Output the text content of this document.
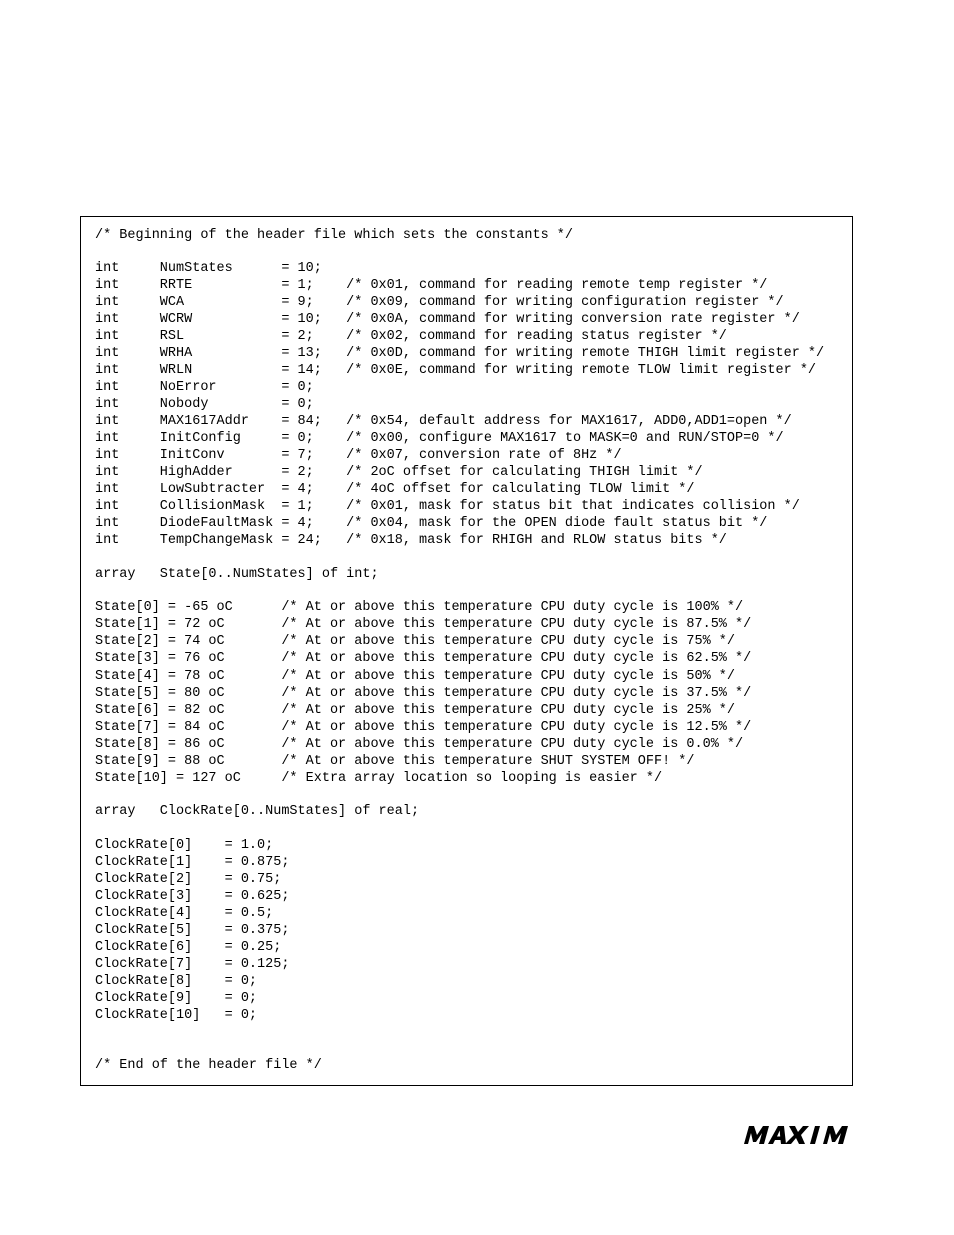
/* Beginning of the header file which sets the constants */
int     NumStates      = 10;
int     RRTE           = 1;    /* 0x01, command for reading remote temp register */
int     WCA            = 9;    /* 0x09, command for writing configuration register */
int     WCRW           = 10;   /* 0x0A, command for writing conversion rate register */
int     RSL            = 2;    /* 0x02, command for reading status register */
int     WRHA           = 13;   /* 0x0D, command for writing remote THIGH limit register */
int     WRLN           = 14;   /* 0x0E, command for writing remote TLOW limit register */
int     NoError        = 0;
int     Nobody         = 0;
int     MAX1617Addr    = 84;   /* 0x54, default address for MAX1617, ADD0,ADD1=open */
int     InitConfig     = 0;    /* 0x00, configure MAX1617 to MASK=0 and RUN/STOP=0 */
int     InitConv       = 7;    /* 0x07, conversion rate of 8Hz */
int     HighAdder      = 2;    /* 2oC offset for calculating THIGH limit */
int     LowSubtracter  = 4;    /* 4oC offset for calculating TLOW limit */
int     CollisionMask  = 1;    /* 0x01, mask for status bit that indicates collision */
int     DiodeFaultMask = 4;    /* 0x04, mask for the OPEN diode fault status bit */
int     TempChangeMask = 24;   /* 0x18, mask for RHIGH and RLOW status bits */
array   State[0..NumStates] of int;
State[0] = -65 oC      /* At or above this temperature CPU duty cycle is 100% */
State[1] = 72 oC       /* At or above this temperature CPU duty cycle is 87.5% */
State[2] = 74 oC       /* At or above this temperature CPU duty cycle is 75% */
State[3] = 76 oC       /* At or above this temperature CPU duty cycle is 62.5% */
State[4] = 78 oC       /* At or above this temperature CPU duty cycle is 50% */
State[5] = 80 oC       /* At or above this temperature CPU duty cycle is 37.5% */
State[6] = 82 oC       /* At or above this temperature CPU duty cycle is 25% */
State[7] = 84 oC       /* At or above this temperature CPU duty cycle is 12.5% */
State[8] = 86 oC       /* At or above this temperature CPU duty cycle is 0.0% */
State[9] = 88 oC       /* At or above this temperature SHUT SYSTEM OFF! */
State[10] = 127 oC     /* Extra array location so looping is easier */
array   ClockRate[0..NumStates] of real;
ClockRate[0]    = 1.0;
ClockRate[1]    = 0.875;
ClockRate[2]    = 0.75;
ClockRate[3]    = 0.625;
ClockRate[4]    = 0.5;
ClockRate[5]    = 0.375;
ClockRate[6]    = 0.25;
ClockRate[7]    = 0.125;
ClockRate[8]    = 0;
ClockRate[9]    = 0;
ClockRate[10]   = 0;
/* End of the header file */
